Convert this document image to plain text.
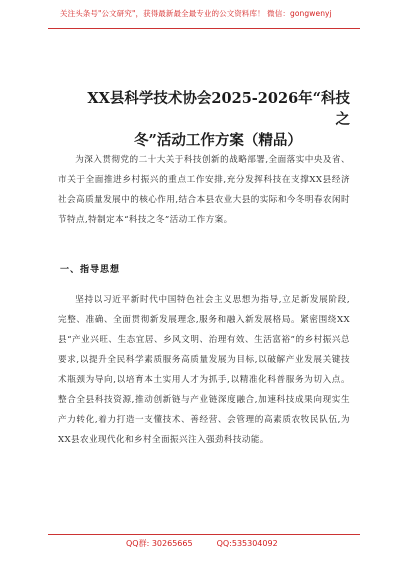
关注头条号"公文研究"，获得最新最全最专业的公文资料库！ 微信：gongwenyj
XX县科学技术协会2025-2026年“科技之
冬”活动工作方案（精品）
为深入贯彻党的二十大关于科技创新的战略部署,全面落实中央及省、市关于全面推进乡村振兴的重点工作安排,充分发挥科技在支撑XX县经济社会高质量发展中的核心作用,结合本县农业大县的实际和今冬明春农闲时节特点,特制定本“科技之冬”活动工作方案。
一、指导思想
坚持以习近平新时代中国特色社会主义思想为指导,立足新发展阶段,完整、准确、全面贯彻新发展理念,服务和融入新发展格局。紧密围绕XX县“产业兴旺、生态宜居、乡风文明、治理有效、生活富裕”的乡村振兴总要求,以提升全民科学素质服务高质量发展为目标,以破解产业发展关键技术瓶颈为导向,以培育本土实用人才为抓手,以精准化科普服务为切入点。整合全县科技资源,推动创新链与产业链深度融合,加速科技成果向现实生产力转化,着力打造一支懂技术、善经营、会管理的高素质农牧民队伍,为XX县农业现代化和乡村全面振兴注入强劲科技动能。
QQ群: 30265665	QQ:535304092
